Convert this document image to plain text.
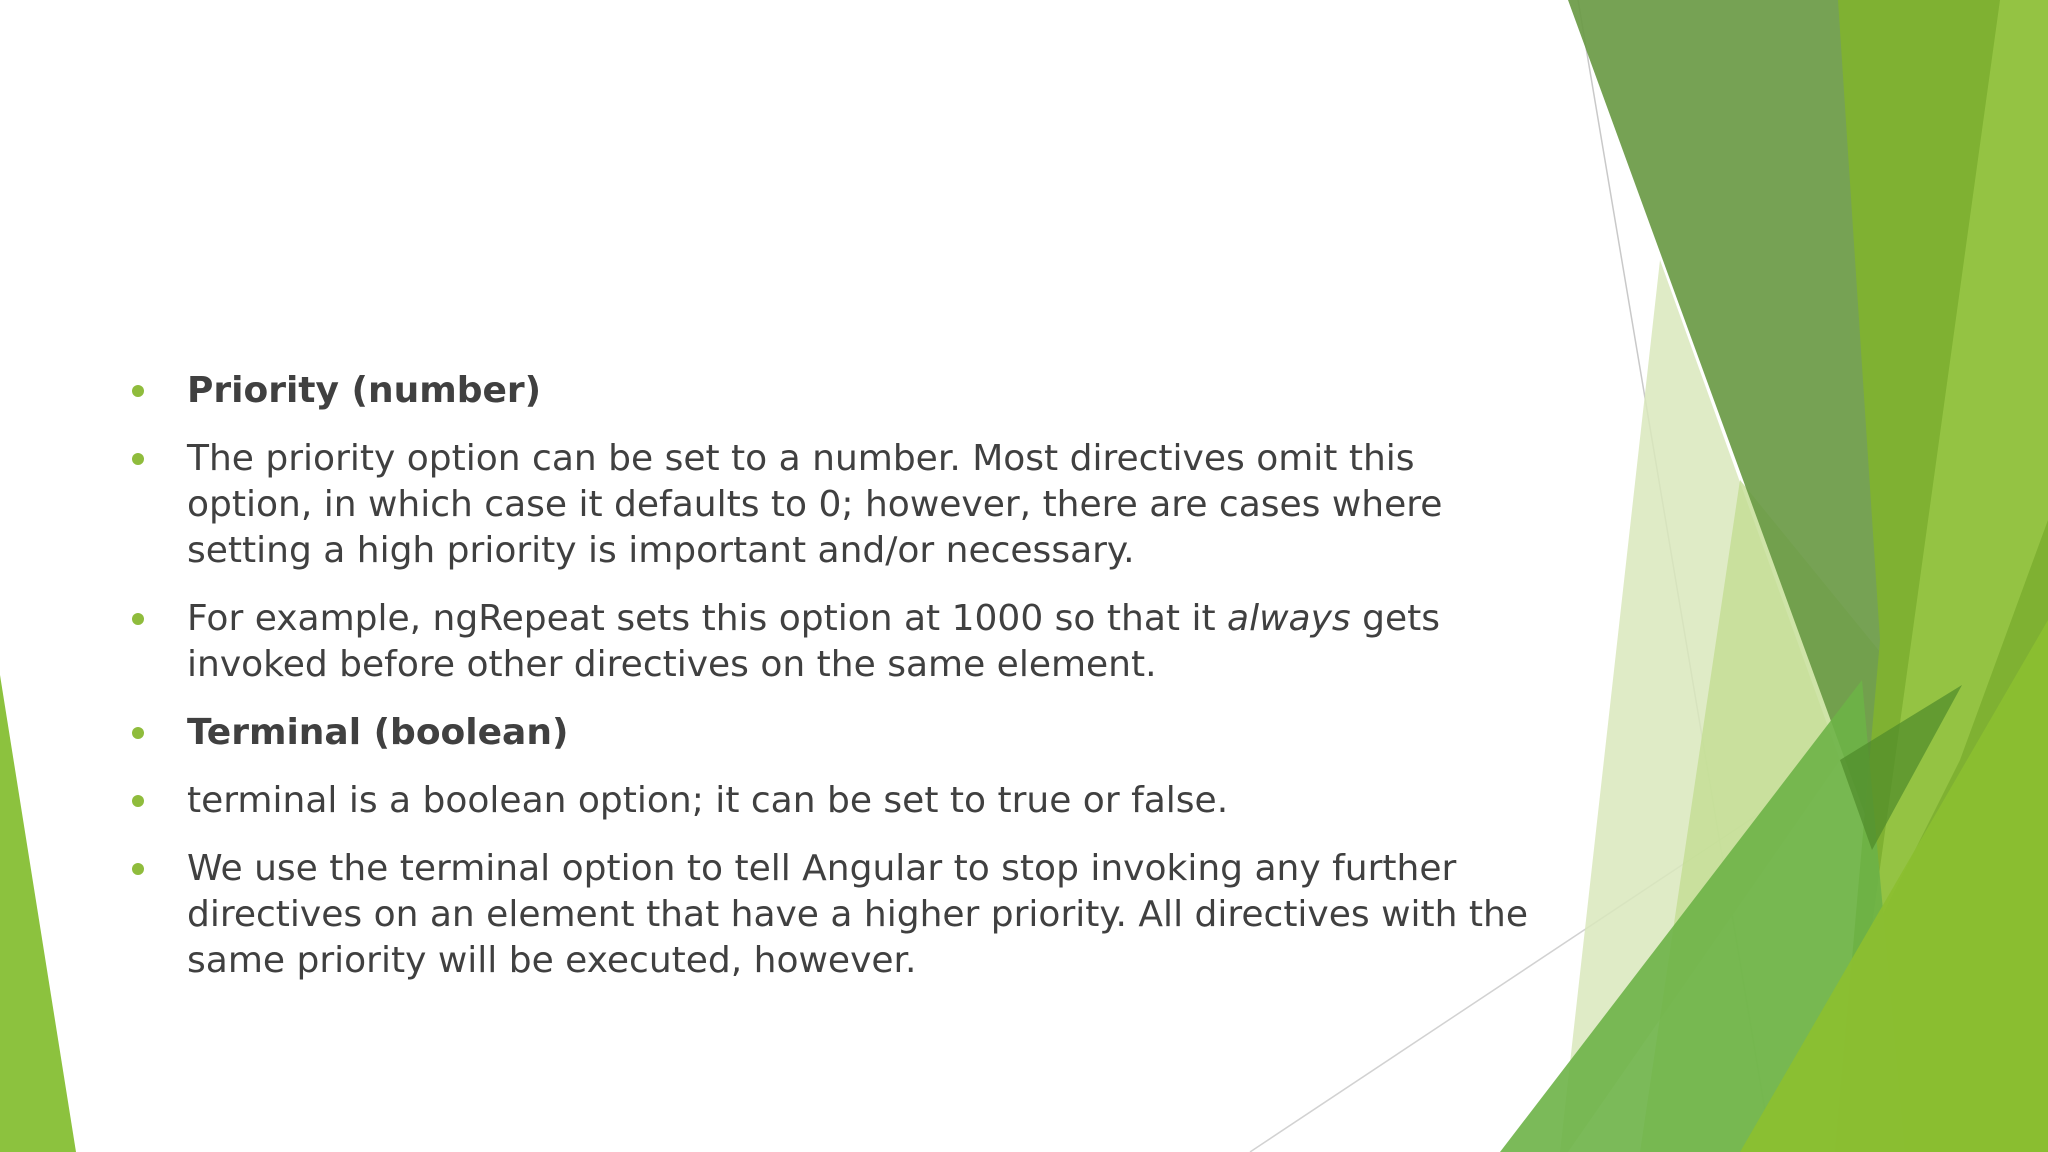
Priority (number)
The priority option can be set to a number. Most directives omit this option, in which case it defaults to 0; however, there are cases where setting a high priority is important and/or necessary.
For example, ngRepeat sets this option at 1000 so that it always gets invoked before other directives on the same element.
Terminal (boolean)
terminal is a boolean option; it can be set to true or false.
We use the terminal option to tell Angular to stop invoking any further directives on an element that have a higher priority. All directives with the same priority will be executed, however.
